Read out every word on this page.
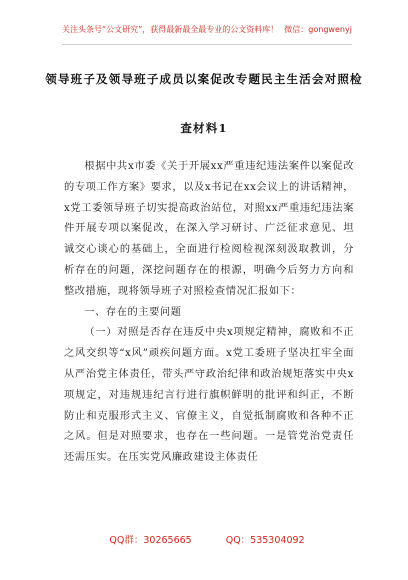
关注头条号“公文研究”，获得最新最全最专业的公文资料库！ 微信：gongwenyj
领导班子及领导班子成员以案促改专题民主生活会对照检
查材料1

根据中共x市委《关于开展xx严重违纪违法案件以案促改的专项工作方案》要求，以及x书记在xx会议上的讲话精神，x党工委领导班子切实提高政治站位，对照xx严重违纪违法案件开展专项以案促改，在深入学习研讨、广泛征求意见、坦诚交心谈心的基础上，全面进行检阅检视深刻汲取教训，分析存在的问题，深挖问题存在的根源，明确今后努力方向和整改措施，现将领导班子对照检查情况汇报如下：

一、存在的主要问题

（一）对照是否存在违反中央x项规定精神，腐败和不正之风交织等“x风”顽疾问题方面。x党工委班子坚决扛牢全面从严治党主体责任，带头严守政治纪律和政治规矩落实中央x项规定，对违规违纪言行进行旗帜鲜明的批评和纠正，不断防止和克服形式主义、官僚主义，自觉抵制腐败和各种不正之风。但是对照要求，也存在一些问题。一是管党治党责任还需压实。在压实党风廉政建设主体责任

QQ群：30265665	QQ：535304092
